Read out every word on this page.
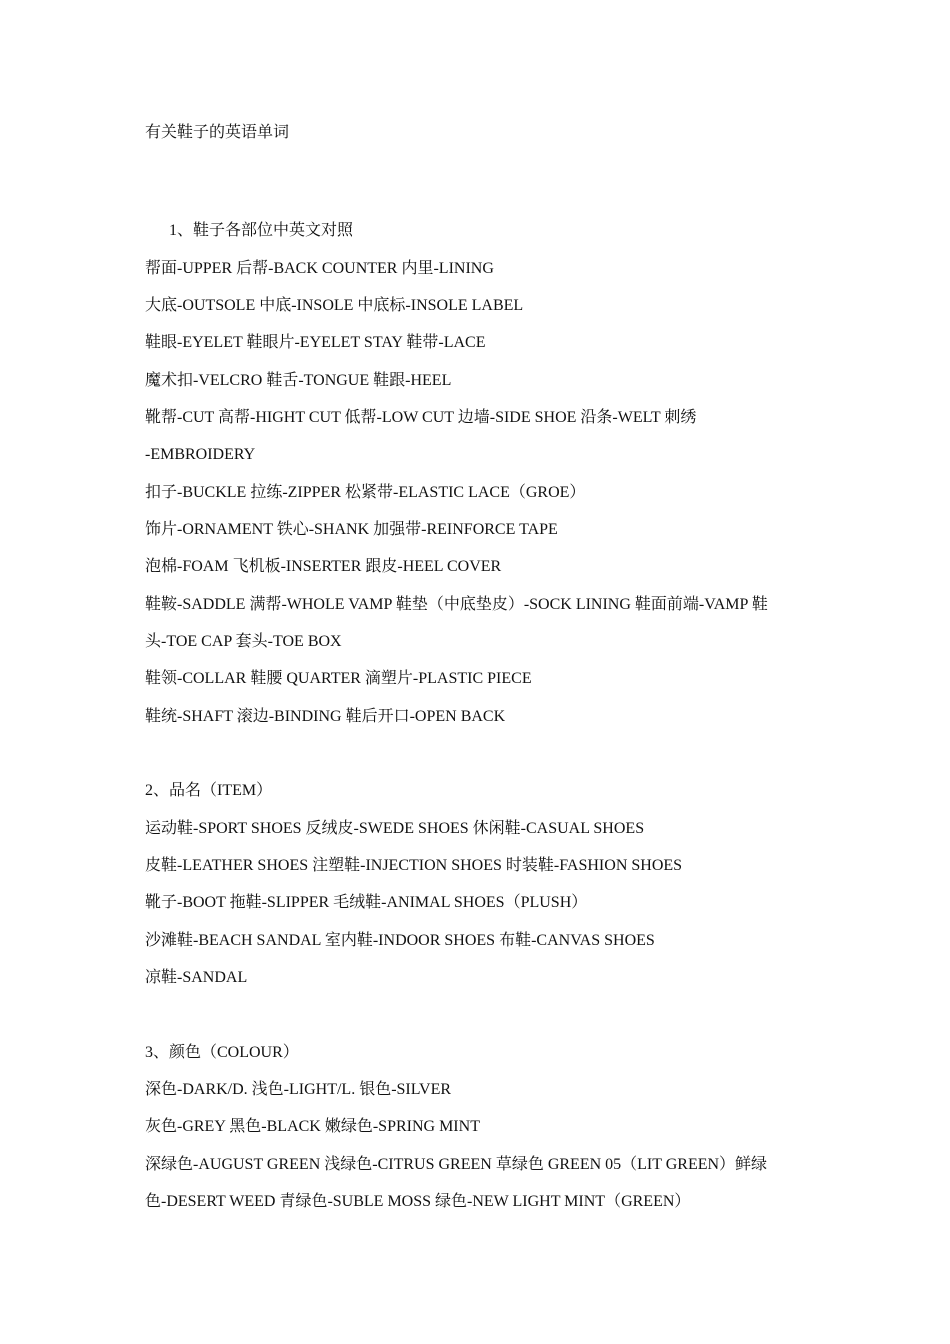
有关鞋子的英语单词
1、鞋子各部位中英文对照
帮面-UPPER 后帮-BACK COUNTER 内里-LINING
大底-OUTSOLE 中底-INSOLE 中底标-INSOLE LABEL
鞋眼-EYELET 鞋眼片-EYELET STAY 鞋带-LACE
魔术扣-VELCRO 鞋舌-TONGUE 鞋跟-HEEL
靴帮-CUT 高帮-HIGHT CUT 低帮-LOW CUT 边墙-SIDE SHOE 沿条-WELT 刺绣
-EMBROIDERY
扣子-BUCKLE 拉练-ZIPPER 松紧带-ELASTIC LACE（GROE）
饰片-ORNAMENT 铁心-SHANK 加强带-REINFORCE TAPE
泡棉-FOAM 飞机板-INSERTER 跟皮-HEEL COVER
鞋鞍-SADDLE 满帮-WHOLE VAMP 鞋垫（中底垫皮）-SOCK LINING 鞋面前端-VAMP 鞋
头-TOE CAP 套头-TOE BOX
鞋领-COLLAR 鞋腰 QUARTER 滴塑片-PLASTIC PIECE
鞋统-SHAFT 滚边-BINDING 鞋后开口-OPEN BACK
2、品名（ITEM）
运动鞋-SPORT SHOES 反绒皮-SWEDE SHOES 休闲鞋-CASUAL SHOES
皮鞋-LEATHER SHOES 注塑鞋-INJECTION SHOES 时装鞋-FASHION SHOES
靴子-BOOT 拖鞋-SLIPPER 毛绒鞋-ANIMAL SHOES（PLUSH）
沙滩鞋-BEACH SANDAL 室内鞋-INDOOR SHOES 布鞋-CANVAS SHOES
凉鞋-SANDAL
3、颜色（COLOUR）
深色-DARK/D. 浅色-LIGHT/L. 银色-SILVER
灰色-GREY 黑色-BLACK 嫩绿色-SPRING MINT
深绿色-AUGUST GREEN 浅绿色-CITRUS GREEN 草绿色 GREEN 05（LIT GREEN）鲜绿
色-DESERT WEED 青绿色-SUBLE MOSS 绿色-NEW LIGHT MINT（GREEN）
